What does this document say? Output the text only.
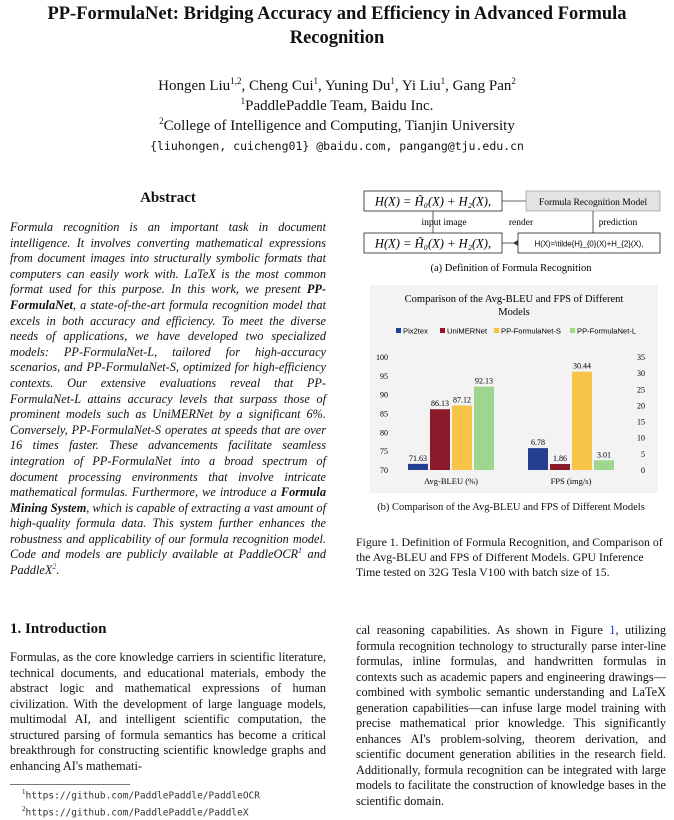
PP-FormulaNet: Bridging Accuracy and Efficiency in Advanced Formula
Recognition
Hongen Liu$^{1,2}$, Cheng Cui$^1$, Yuning Du$^1$, Yi Liu$^1$, Gang Pan$^2$
$^1$PaddlePaddle Team, Baidu Inc.
$^2$College of Intelligence and Computing, Tianjin University
{liuhongen, cuicheng01} @baidu.com, pangang@tju.edu.cn
Abstract

Formula recognition is an important task in document intelligence. It involves converting mathematical expressions from document images into structurally symbolic formats that computers can easily work with. LaTeX is the most common format used for this purpose. In this work, we present PP-FormulaNet, a state-of-the-art formula recognition model that excels in both accuracy and efficiency. To meet the diverse needs of applications, we have developed two specialized models: PP-FormulaNet-L, tailored for high-accuracy scenarios, and PP-FormulaNet-S, optimized for high-efficiency contexts. Our extensive evaluations reveal that PP-FormulaNet-L attains accuracy levels that surpass those of prominent models such as UniMERNet by a significant 6%. Conversely, PP-FormulaNet-S operates at speeds that are over 16 times faster. These advancements facilitate seamless integration of PP-FormulaNet into a broad spectrum of document processing environments that involve intricate mathematical formulas. Furthermore, we introduce a Formula Mining System, which is capable of extracting a vast amount of high-quality formula data. This system further enhances the robustness and applicability of our formula recognition model. Code and models are publicly available at PaddleOCR$^1$ and PaddleX$^2$.

1. Introduction
Formulas, as the core knowledge carriers in scientific literature, technical documents, and educational materials, embody the abstract logic and mathematical expressions of human civilization. With the development of large language models, multimodal AI, and intelligent scientific computation, the structured parsing of formula semantics has become a critical breakthrough for constructing scientific knowledge graphs and enhancing AI's mathemati-
cal reasoning capabilities. As shown in Figure 1, utilizing formula recognition technology to structurally parse inter-line formulas, inline formulas, and handwritten formulas in contexts such as academic papers and engineering drawings—combined with symbolic semantic understanding and LaTeX generation capabilities—can infuse large model training with precise mathematical prior knowledge. This significantly enhances AI's problem-solving, theorem derivation, and scientific document generation abilities in the research field. Additionally, formula recognition can be integrated with large models to facilitate the construction of knowledge bases in the scientific domain.
$^1$https://github.com/PaddlePaddle/PaddleOCR
$^2$https://github.com/PaddlePaddle/PaddleX
H(X) = H̃₀(X) + H₂(X),	Formula Recognition Model
input image	render	prediction
H(X) = H̃₀(X) + H₂(X),	H(X)=\tilde{H}_{0}(X)+H_{2}(X),
(a) Definition of Formula Recognition
Comparison of the Avg-BLEU and FPS of Different
Models
Pix2tex	UniMERNet PP-FormulaNet-S PP-FormulaNet-L
70
75
80
85
90
95
100
0
5
10
15
20
25
30
35
71.63
86.13 87.12
92.13
Avg-BLEU (%)
6.78
1.86
30.44
3.01
FPS (img/s)
(b) Comparison of the Avg-BLEU and FPS of Different Models
Figure 1. Definition of Formula Recognition, and Comparison of the Avg-BLEU and FPS of Different Models. GPU Inference Time tested on 32G Tesla V100 with batch size of 15.
